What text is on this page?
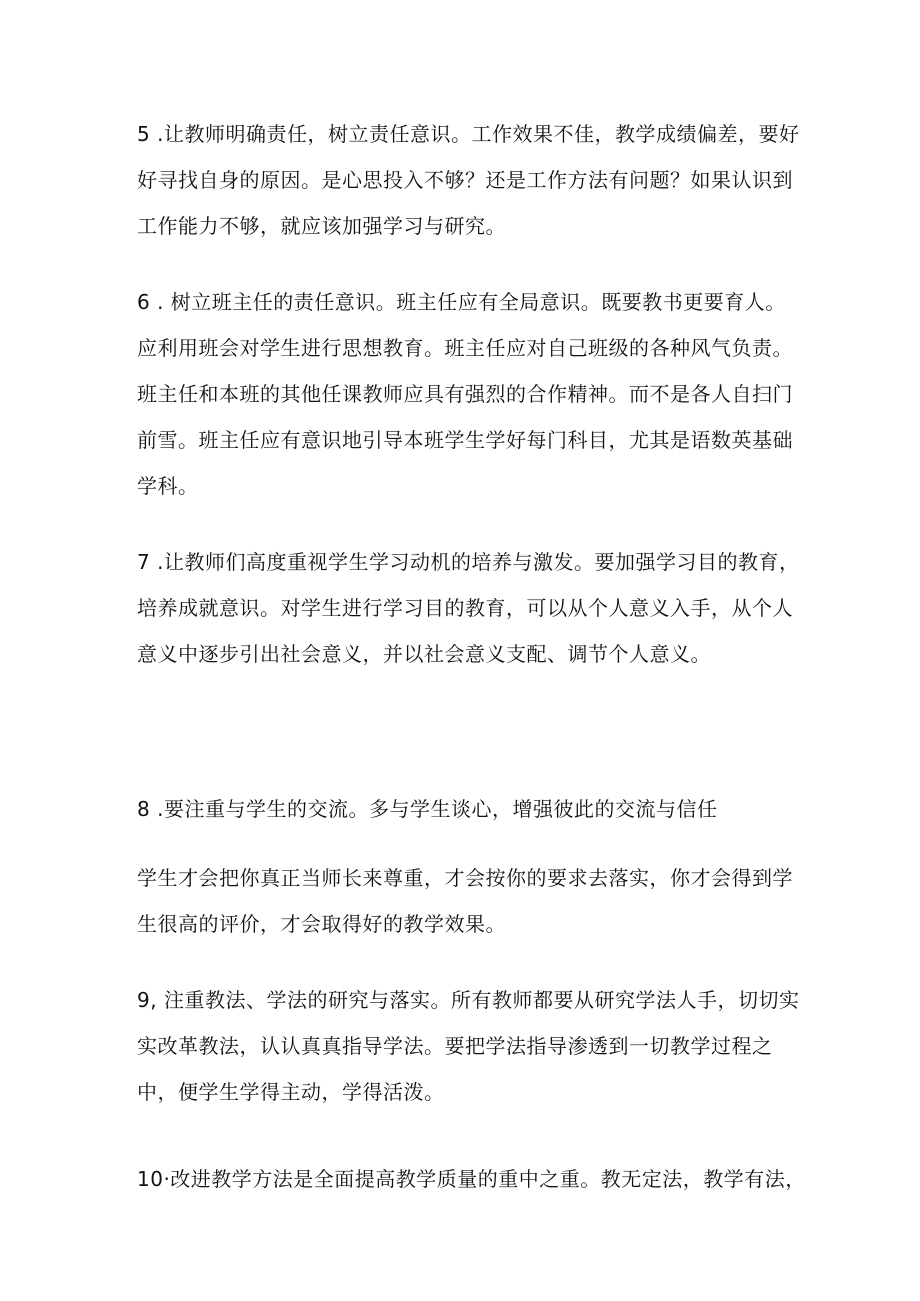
5 .让教师明确责任，树立责任意识。工作效果不佳，教学成绩偏差，要好
好寻找自身的原因。是心思投入不够？还是工作方法有问题？如果认识到
工作能力不够，就应该加强学习与研究。

6 . 树立班主任的责任意识。班主任应有全局意识。既要教书更要育人。
应利用班会对学生进行思想教育。班主任应对自己班级的各种风气负责。
班主任和本班的其他任课教师应具有强烈的合作精神。而不是各人自扫门
前雪。班主任应有意识地引导本班学生学好每门科目，尤其是语数英基础
学科。

7 .让教师们高度重视学生学习动机的培养与激发。要加强学习目的教育，
培养成就意识。对学生进行学习目的教育，可以从个人意义入手，从个人
意义中逐步引出社会意义，并以社会意义支配、调节个人意义。

8 .要注重与学生的交流。多与学生谈心，增强彼此的交流与信任

学生才会把你真正当师长来尊重，才会按你的要求去落实，你才会得到学
生很高的评价，才会取得好的教学效果。

9, 注重教法、学法的研究与落实。所有教师都要从研究学法人手，切切实
实改革教法，认认真真指导学法。要把学法指导渗透到一切教学过程之
中，便学生学得主动，学得活泼。

10·改进教学方法是全面提高教学质量的重中之重。教无定法，教学有法，
